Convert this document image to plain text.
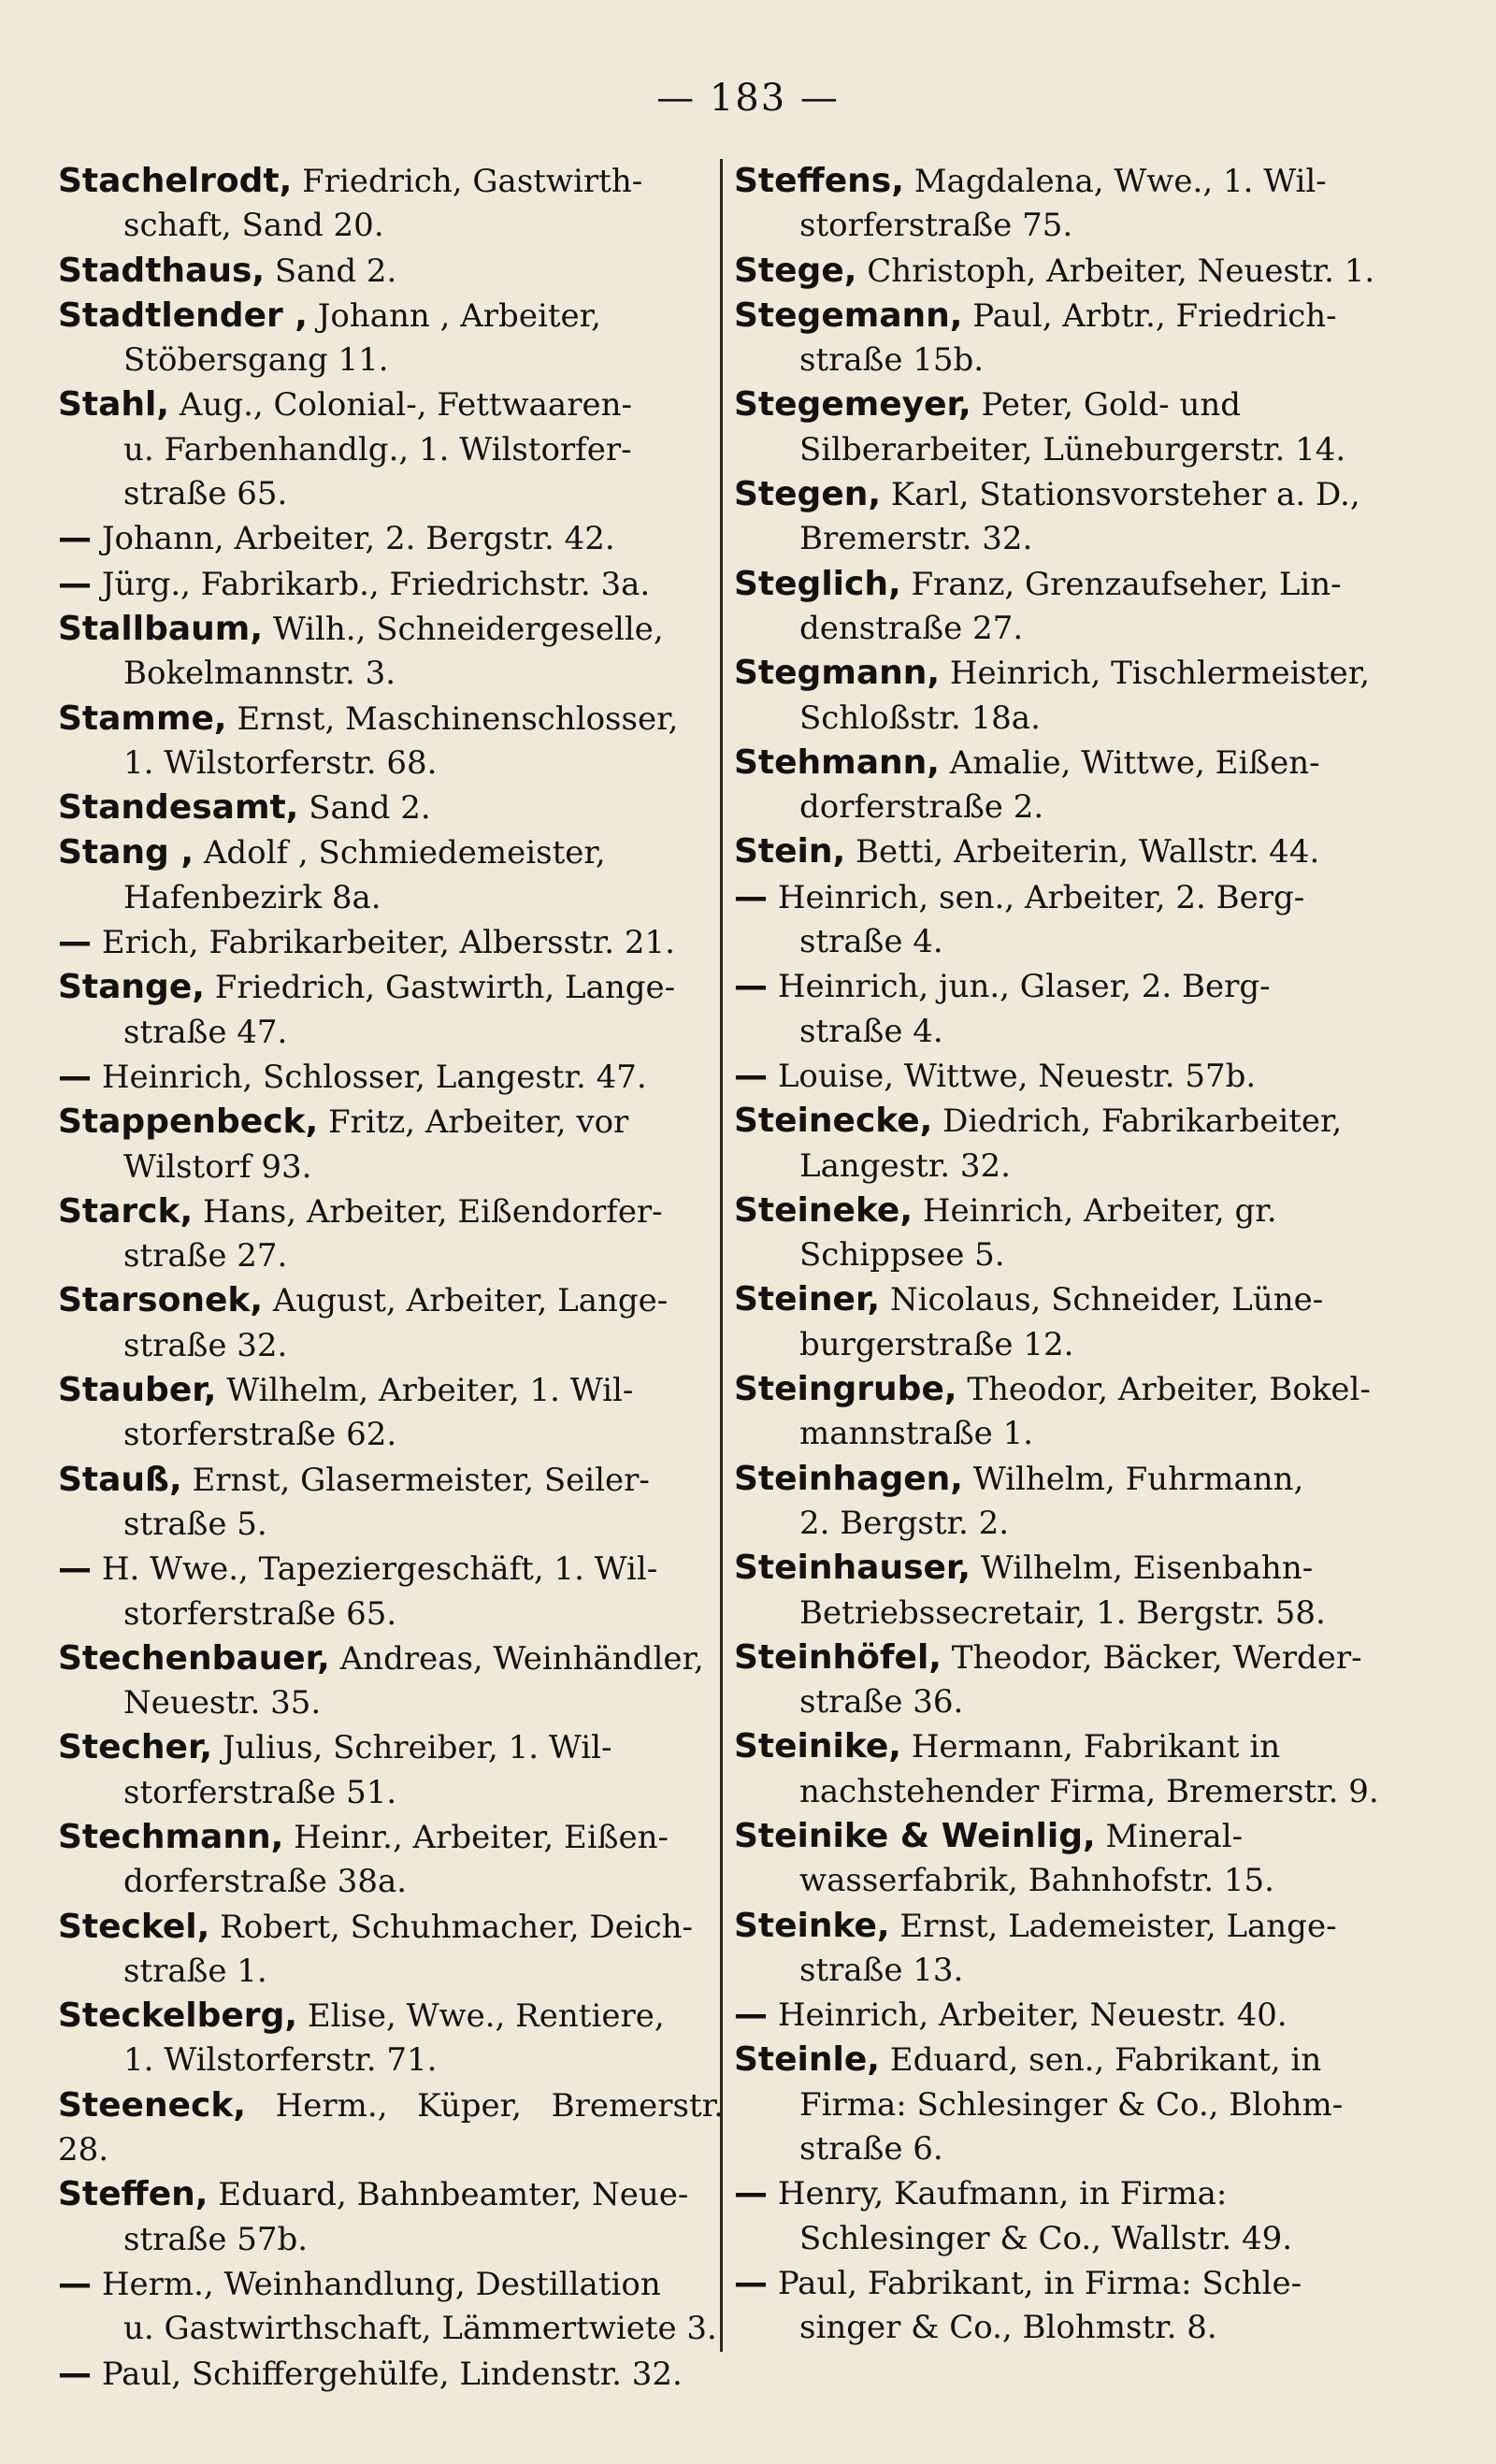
— 183 —
Stachelrodt, Friedrich, Gastwirth-
schaft, Sand 20.
Stadthaus, Sand 2.
Stadtlender , Johann , Arbeiter,
Stöbersgang 11.
Stahl, Aug., Colonial-, Fettwaaren-
u. Farbenhandlg., 1. Wilstorfer-
straße 65.
— Johann, Arbeiter, 2. Bergstr. 42.
— Jürg., Fabrikarb., Friedrichstr. 3a.
Stallbaum, Wilh., Schneidergeselle,
Bokelmannstr. 3.
Stamme, Ernst, Maschinenschlosser,
1. Wilstorferstr. 68.
Standesamt, Sand 2.
Stang , Adolf , Schmiedemeister,
Hafenbezirk 8a.
— Erich, Fabrikarbeiter, Albersstr. 21.
Stange, Friedrich, Gastwirth, Lange-
straße 47.
— Heinrich, Schlosser, Langestr. 47.
Stappenbeck, Fritz, Arbeiter, vor
Wilstorf 93.
Starck, Hans, Arbeiter, Eißendorfer-
straße 27.
Starsonek, August, Arbeiter, Lange-
straße 32.
Stauber, Wilhelm, Arbeiter, 1. Wil-
storferstraße 62.
Stauß, Ernst, Glasermeister, Seiler-
straße 5.
— H. Wwe., Tapeziergeschäft, 1. Wil-
storferstraße 65.
Stechenbauer, Andreas, Weinhändler,
Neuestr. 35.
Stecher, Julius, Schreiber, 1. Wil-
storferstraße 51.
Stechmann, Heinr., Arbeiter, Eißen-
dorferstraße 38a.
Steckel, Robert, Schuhmacher, Deich-
straße 1.
Steckelberg, Elise, Wwe., Rentiere,
1. Wilstorferstr. 71.
Steeneck, Herm., Küper, Bremerstr. 28.
Steffen, Eduard, Bahnbeamter, Neue-
straße 57b.
— Herm., Weinhandlung, Destillation
u. Gastwirthschaft, Lämmertwiete 3.
— Paul, Schiffergehülfe, Lindenstr. 32.
Steffens, Magdalena, Wwe., 1. Wil-
storferstraße 75.
Stege, Christoph, Arbeiter, Neuestr. 1.
Stegemann, Paul, Arbtr., Friedrich-
straße 15b.
Stegemeyer, Peter, Gold- und
Silberarbeiter, Lüneburgerstr. 14.
Stegen, Karl, Stationsvorsteher a. D.,
Bremerstr. 32.
Steglich, Franz, Grenzaufseher, Lin-
denstraße 27.
Stegmann, Heinrich, Tischlermeister,
Schloßstr. 18a.
Stehmann, Amalie, Wittwe, Eißen-
dorferstraße 2.
Stein, Betti, Arbeiterin, Wallstr. 44.
— Heinrich, sen., Arbeiter, 2. Berg-
straße 4.
— Heinrich, jun., Glaser, 2. Berg-
straße 4.
— Louise, Wittwe, Neuestr. 57b.
Steinecke, Diedrich, Fabrikarbeiter,
Langestr. 32.
Steineke, Heinrich, Arbeiter, gr.
Schippsee 5.
Steiner, Nicolaus, Schneider, Lüne-
burgerstraße 12.
Steingrube, Theodor, Arbeiter, Bokel-
mannstraße 1.
Steinhagen, Wilhelm, Fuhrmann,
2. Bergstr. 2.
Steinhauser, Wilhelm, Eisenbahn-
Betriebssecretair, 1. Bergstr. 58.
Steinhöfel, Theodor, Bäcker, Werder-
straße 36.
Steinike, Hermann, Fabrikant in
nachstehender Firma, Bremerstr. 9.
Steinike & Weinlig, Mineral-
wasserfabrik, Bahnhofstr. 15.
Steinke, Ernst, Lademeister, Lange-
straße 13.
— Heinrich, Arbeiter, Neuestr. 40.
Steinle, Eduard, sen., Fabrikant, in
Firma: Schlesinger & Co., Blohm-
straße 6.
— Henry, Kaufmann, in Firma:
Schlesinger & Co., Wallstr. 49.
— Paul, Fabrikant, in Firma: Schle-
singer & Co., Blohmstr. 8.
